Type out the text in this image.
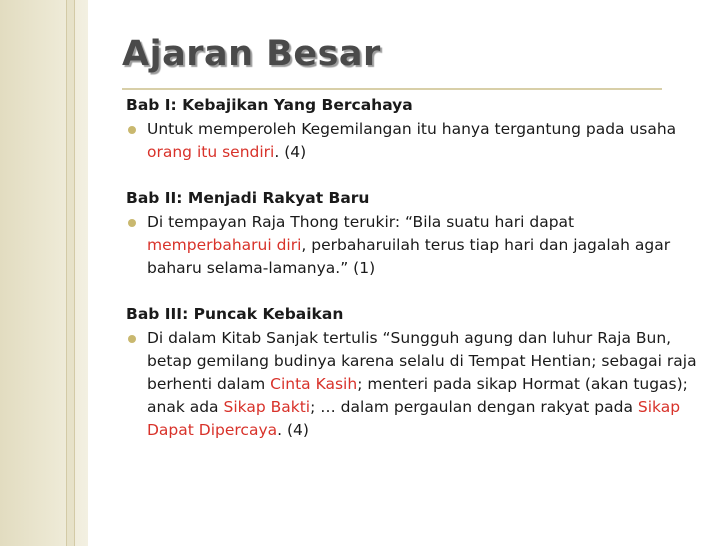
Ajaran Besar

Bab I: Kebajikan Yang Bercahaya

Untuk memperoleh Kegemilangan itu hanya tergantung pada usaha orang itu sendiri. (4)

Bab II: Menjadi Rakyat Baru

Di tempayan Raja Thong terukir: “Bila suatu hari dapat memperbaharui diri, perbaharuilah terus tiap hari dan jagalah agar baharu selama-lamanya.” (1)

Bab III: Puncak Kebaikan

Di dalam Kitab Sanjak tertulis “Sungguh agung dan luhur Raja Bun, betap gemilang budinya karena selalu di Tempat Hentian; sebagai raja berhenti dalam Cinta Kasih; menteri pada sikap Hormat (akan tugas); anak ada Sikap Bakti; … dalam pergaulan dengan rakyat pada Sikap Dapat Dipercaya. (4)
